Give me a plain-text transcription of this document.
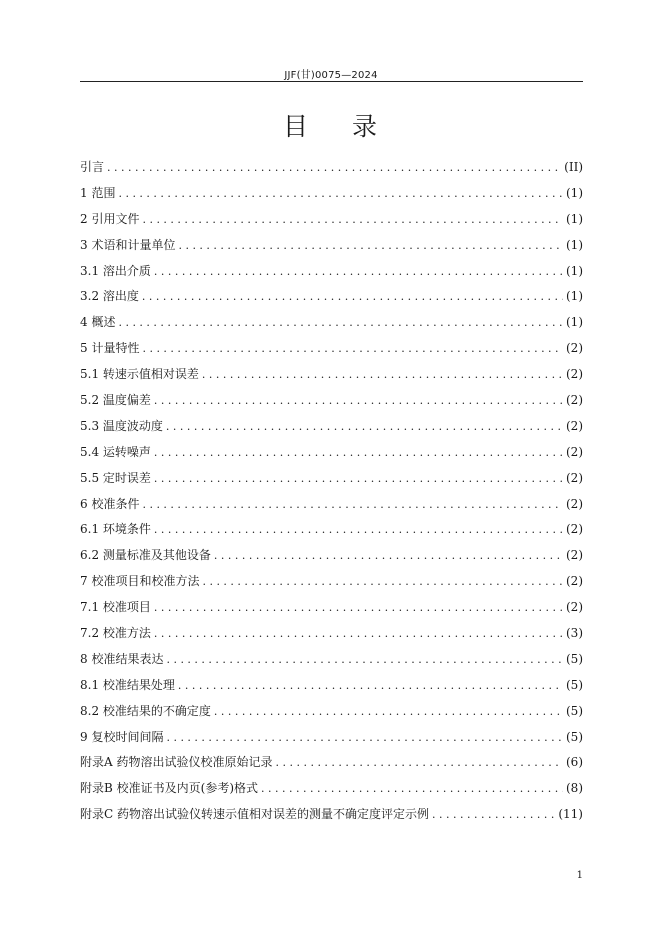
JJF(甘)0075—2024
目 录
引言 . . .	(II)
1 范围 . . .	(1)
2 引用文件 . . .	(1)
3 术语和计量单位 . . .	(1)
3.1 溶出介质 . . .	(1)
3.2 溶出度 . . .	(1)
4 概述 . . .	(1)
5 计量特性 . . .	(2)
5.1 转速示值相对误差 . . .	(2)
5.2 温度偏差 . . .	(2)
5.3 温度波动度 . . .	(2)
5.4 运转噪声 . . .	(2)
5.5 定时误差 . . .	(2)
6 校准条件 . . .	(2)
6.1 环境条件 . . .	(2)
6.2 测量标准及其他设备 . . .	(2)
7 校准项目和校准方法 . . .	(2)
7.1 校准项目 . . .	(2)
7.2 校准方法 . . .	(3)
8 校准结果表达 . . .	(5)
8.1 校准结果处理 . . .	(5)
8.2 校准结果的不确定度 . . .	(5)
9 复校时间间隔 . . .	(5)
附录A 药物溶出试验仪校准原始记录 . . .	(6)
附录B 校准证书及内页(参考)格式 . . .	(8)
附录C 药物溶出试验仪转速示值相对误差的测量不确定度评定示例 . . .	(11)
1
